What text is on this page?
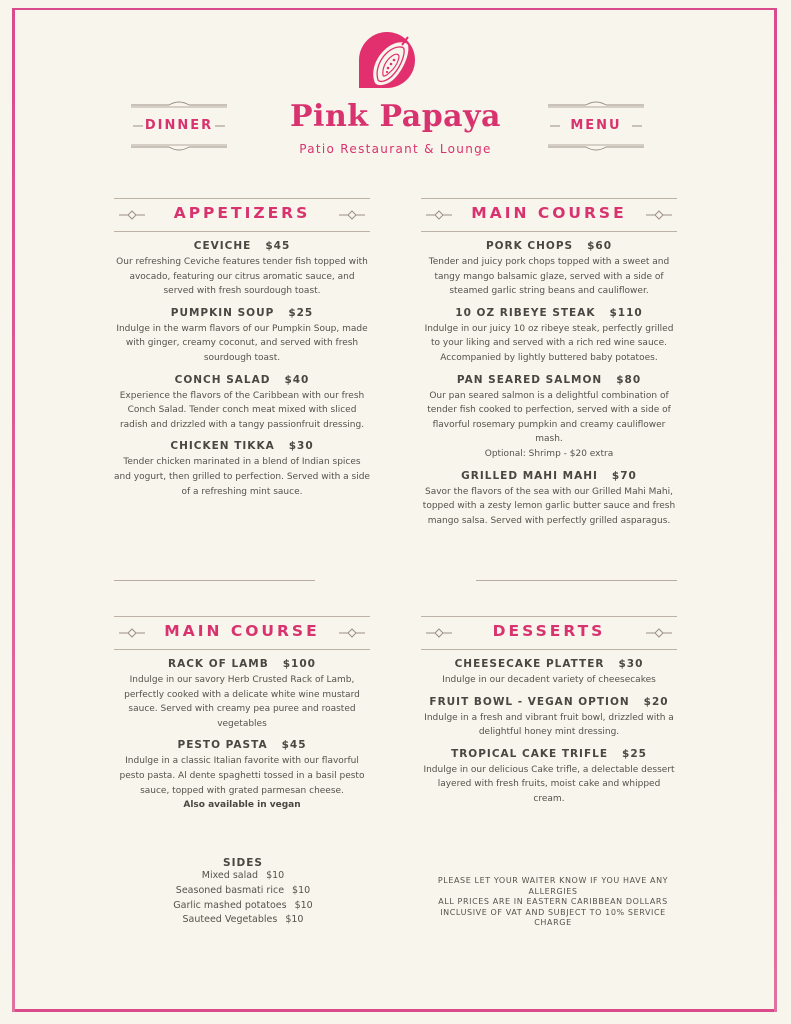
Pink Papaya
Patio Restaurant & Lounge
DINNER	MENU
APPETIZERS
CEVICHE $45
Our refreshing Ceviche features tender fish topped with avocado, featuring our citrus aromatic sauce, and served with fresh sourdough toast.
PUMPKIN SOUP $25
Indulge in the warm flavors of our Pumpkin Soup, made with ginger, creamy coconut, and served with fresh sourdough toast.
CONCH SALAD $40
Experience the flavors of the Caribbean with our fresh Conch Salad. Tender conch meat mixed with sliced radish and drizzled with a tangy passionfruit dressing.
CHICKEN TIKKA $30
Tender chicken marinated in a blend of Indian spices and yogurt, then grilled to perfection. Served with a side of a refreshing mint sauce.
MAIN COURSE
PORK CHOPS $60
Tender and juicy pork chops topped with a sweet and tangy mango balsamic glaze, served with a side of steamed garlic string beans and cauliflower.
10 OZ RIBEYE STEAK $110
Indulge in our juicy 10 oz ribeye steak, perfectly grilled to your liking and served with a rich red wine sauce. Accompanied by lightly buttered baby potatoes.
PAN SEARED SALMON $80
Our pan seared salmon is a delightful combination of tender fish cooked to perfection, served with a side of flavorful rosemary pumpkin and creamy cauliflower mash.
Optional: Shrimp - $20 extra
GRILLED MAHI MAHI $70
Savor the flavors of the sea with our Grilled Mahi Mahi, topped with a zesty lemon garlic butter sauce and fresh mango salsa. Served with perfectly grilled asparagus.
MAIN COURSE
RACK OF LAMB $100
Indulge in our savory Herb Crusted Rack of Lamb, perfectly cooked with a delicate white wine mustard sauce. Served with creamy pea puree and roasted vegetables
PESTO PASTA $45
Indulge in a classic Italian favorite with our flavorful pesto pasta. Al dente spaghetti tossed in a basil pesto sauce, topped with grated parmesan cheese.
Also available in vegan
DESSERTS
CHEESECAKE PLATTER $30
Indulge in our decadent variety of cheesecakes
FRUIT BOWL - VEGAN OPTION $20
Indulge in a fresh and vibrant fruit bowl, drizzled with a delightful honey mint dressing.
TROPICAL CAKE TRIFLE $25
Indulge in our delicious Cake trifle, a delectable dessert layered with fresh fruits, moist cake and whipped cream.
SIDES
Mixed salad $10
Seasoned basmati rice $10
Garlic mashed potatoes $10
Sauteed Vegetables $10
PLEASE LET YOUR WAITER KNOW IF YOU HAVE ANY ALLERGIES
ALL PRICES ARE IN EASTERN CARIBBEAN DOLLARS
INCLUSIVE OF VAT AND SUBJECT TO 10% SERVICE CHARGE
